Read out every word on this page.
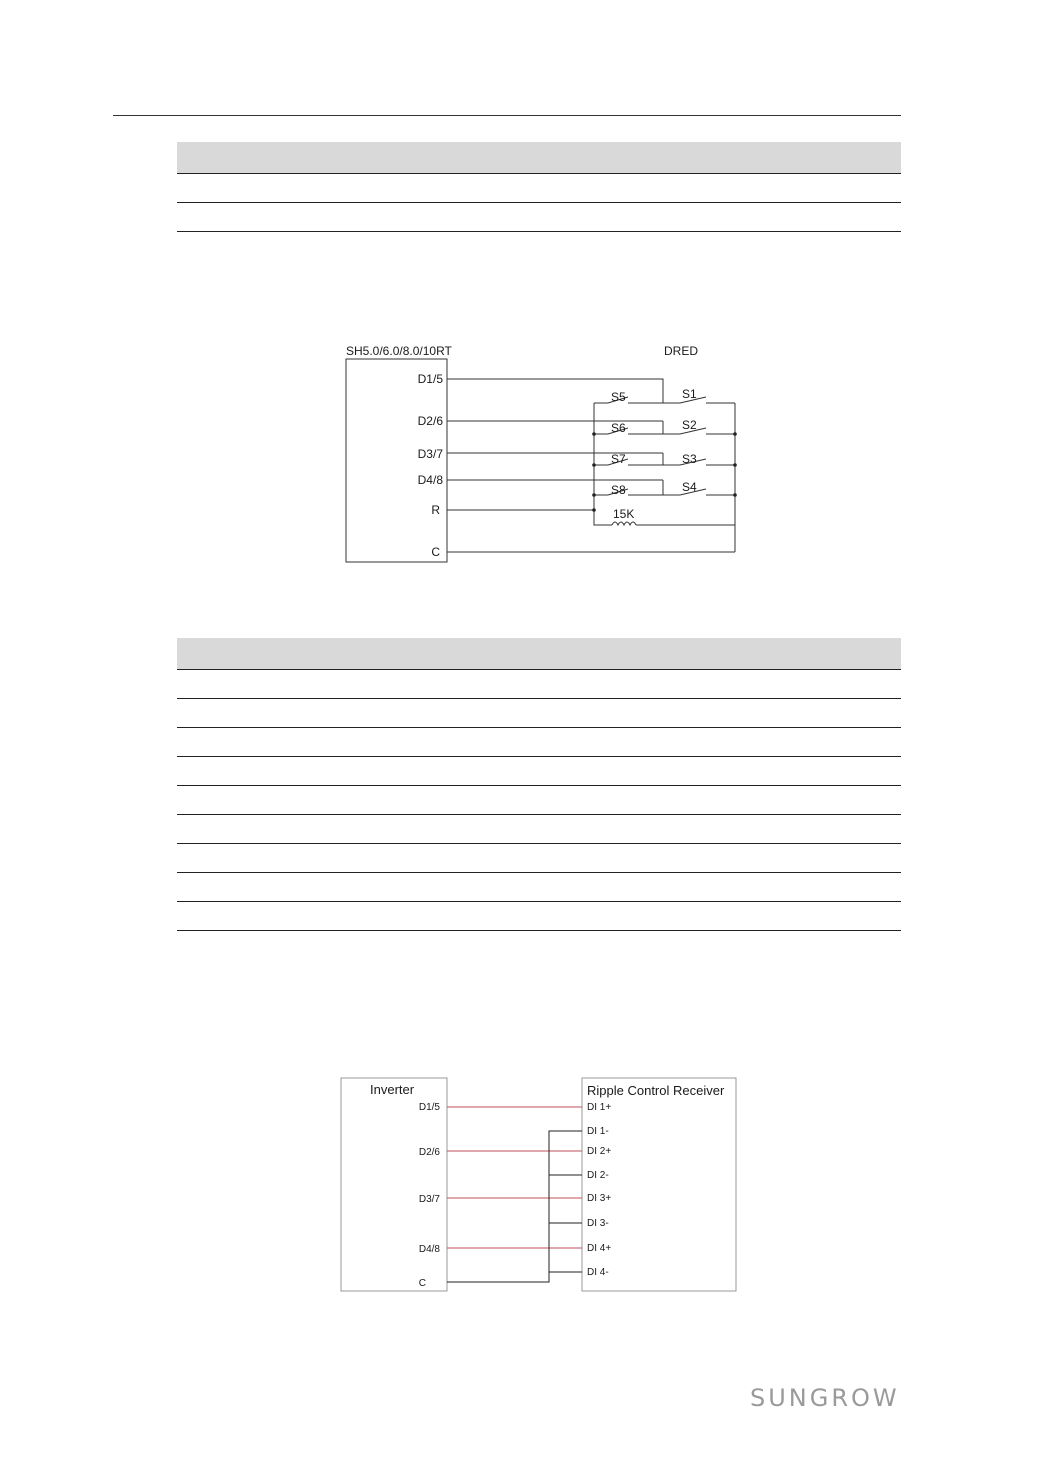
SH5.0/6.0/8.0/10RT	DRED
D1/5
D2/6
D3/7
D4/8
R
C
S1
S2
S3
S4
S5
S6
S7
S8
15K
Inverter	Ripple Control Receiver
D1/5
D2/6
D3/7
D4/8
C
DI 1+
DI 1-
DI 2+
DI 2-
DI 3+
DI 3-
DI 4+
DI 4-
SUNGROW
